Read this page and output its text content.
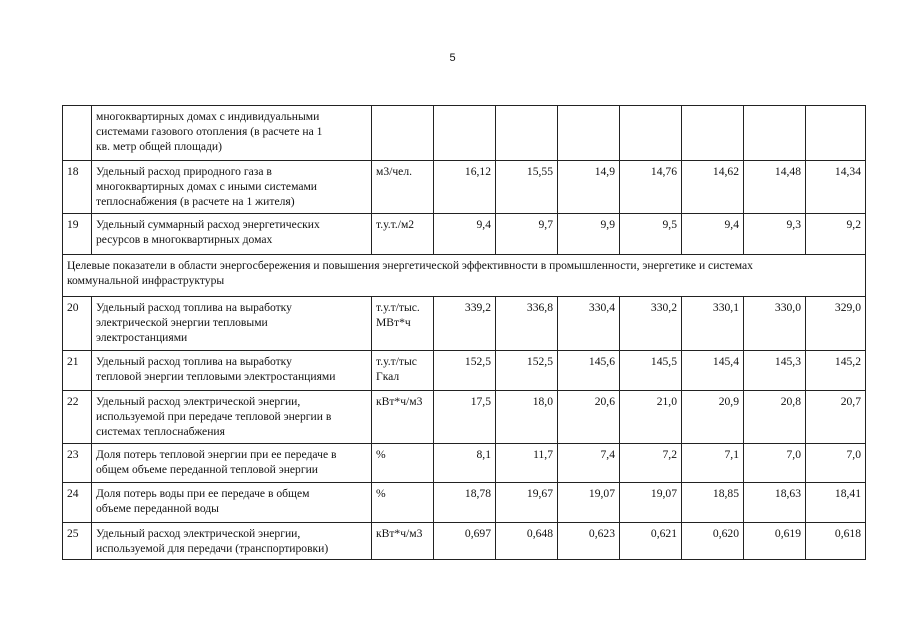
5

	многоквартирных домах с индивидуальными
системами газового отопления (в расчете на 1
кв. метр общей площади)								

18	Удельный расход природного газа в
многоквартирных домах с иными системами
теплоснабжения (в расчете на 1 жителя)	м3/чел.	16,12	15,55	14,9	14,76	14,62	14,48	14,34
19	Удельный суммарный расход энергетических
ресурсов в многоквартирных домах	т.у.т./м2	9,4	9,7	9,9	9,5	9,4	9,3	9,2

Целевые показатели в области энергосбережения и повышения энергетической эффективности в промышленности, энергетике и системах
коммунальной инфраструктуры									

20	Удельный расход топлива на выработку
электрической энергии тепловыми
электростанциями	т.у.т/тыс.
МВт*ч	339,2	336,8	330,4	330,2	330,1	330,0	329,0
21	Удельный расход топлива на выработку
тепловой энергии тепловыми электростанциями	т.у.т/тыс
Гкал	152,5	152,5	145,6	145,5	145,4	145,3	145,2
22	Удельный расход электрической энергии,
используемой при передаче тепловой энергии в
системах теплоснабжения	кВт*ч/м3	17,5	18,0	20,6	21,0	20,9	20,8	20,7
23	Доля потерь тепловой энергии при ее передаче в
общем объеме переданной тепловой энергии	%	8,1	11,7	7,4	7,2	7,1	7,0	7,0
24	Доля потерь воды при ее передаче в общем
объеме переданной воды	%	18,78	19,67	19,07	19,07	18,85	18,63	18,41
25	Удельный расход электрической энергии,
используемой для передачи (транспортировки)	кВт*ч/м3	0,697	0,648	0,623	0,621	0,620	0,619	0,618
